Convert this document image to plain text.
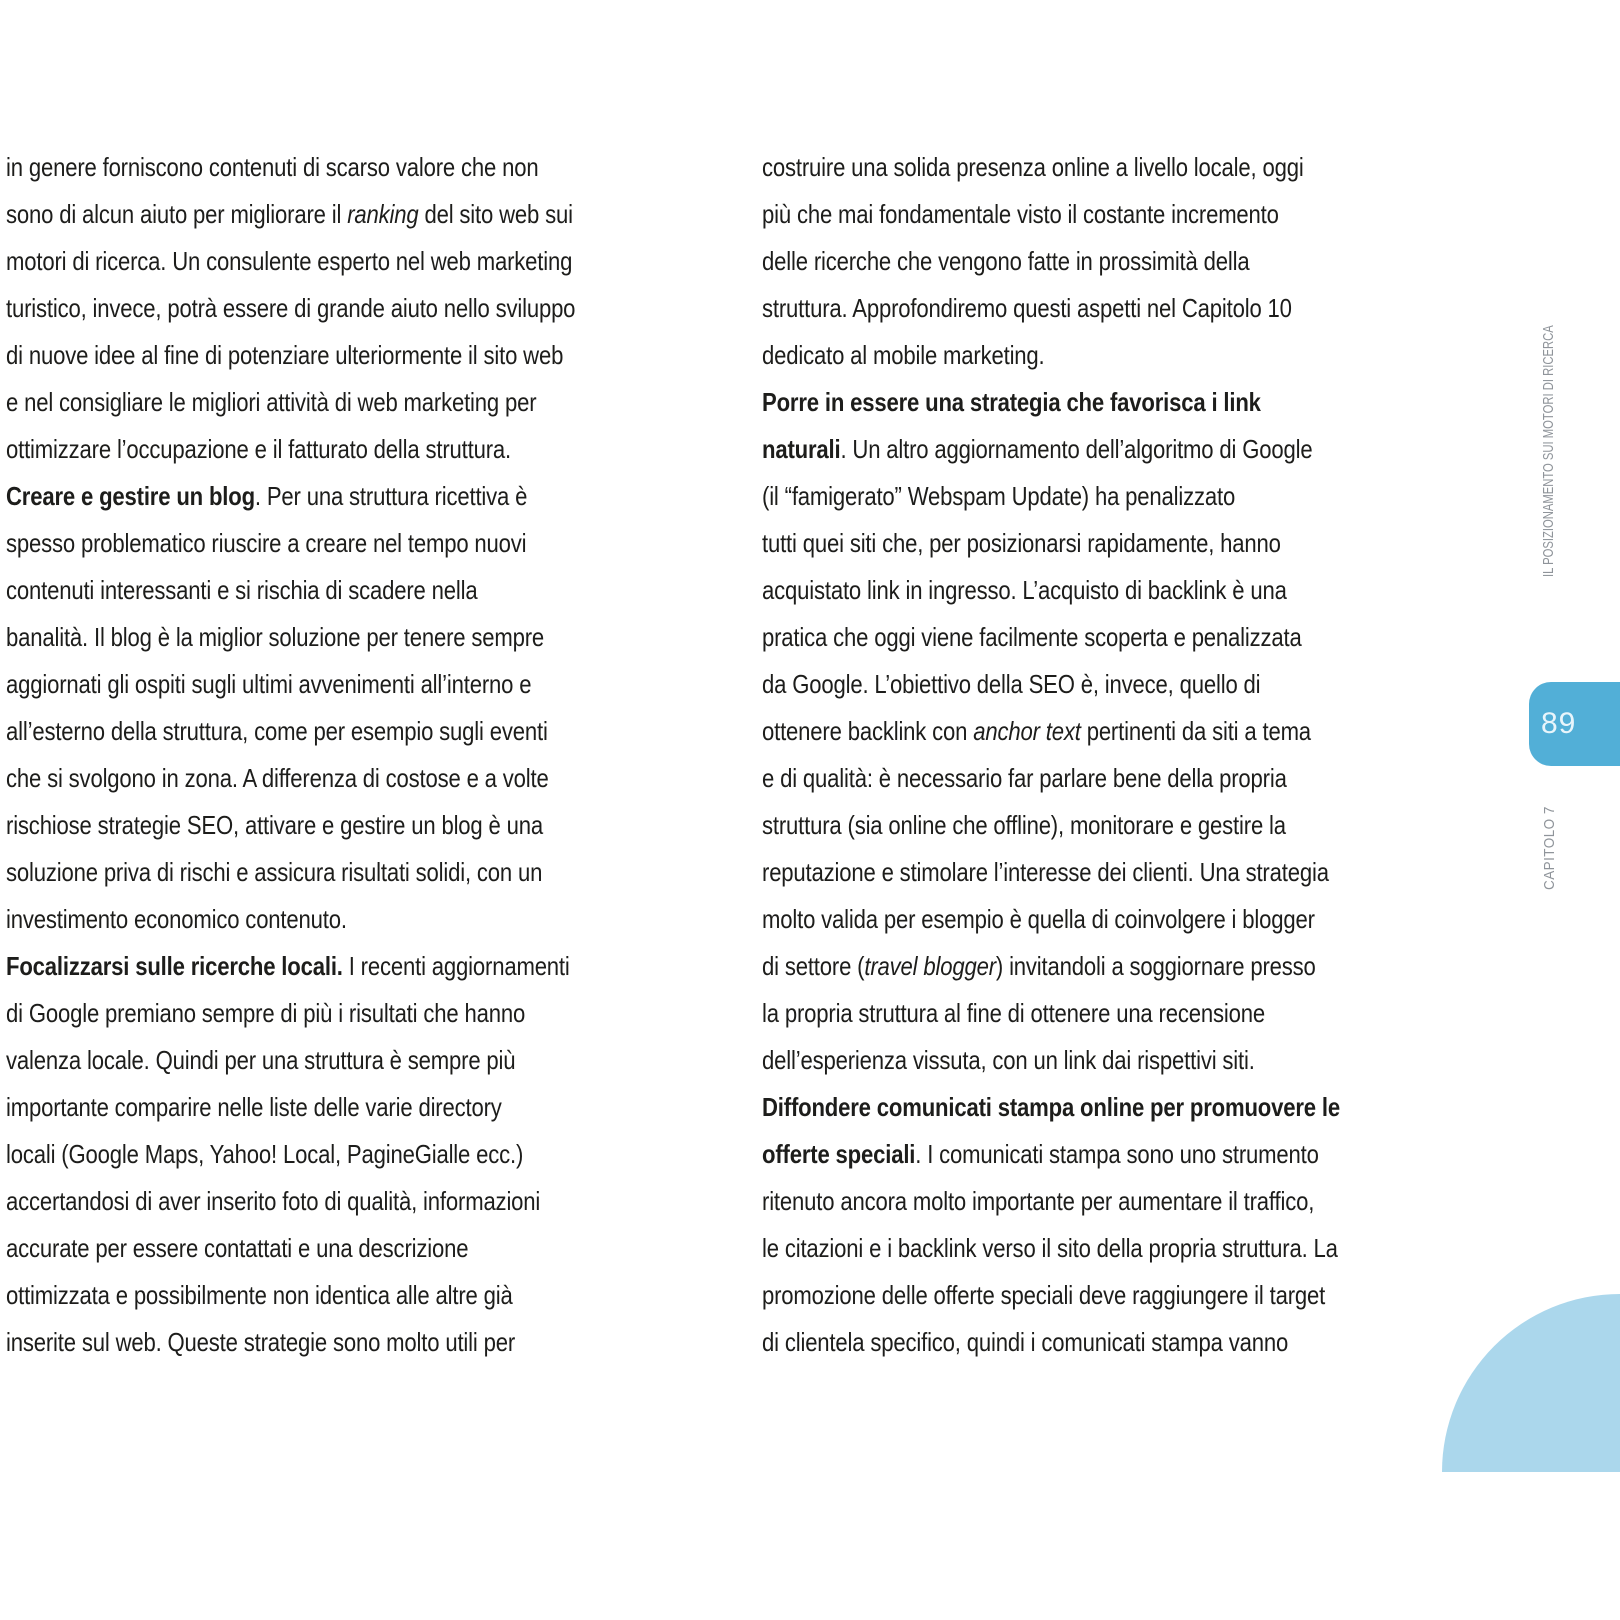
in genere forniscono contenuti di scarso valore che non
sono di alcun aiuto per migliorare il ranking del sito web sui
motori di ricerca. Un consulente esperto nel web marketing
turistico, invece, potrà essere di grande aiuto nello sviluppo
di nuove idee al fine di potenziare ulteriormente il sito web
e nel consigliare le migliori attività di web marketing per
ottimizzare l’occupazione e il fatturato della struttura.
Creare e gestire un blog. Per una struttura ricettiva è
spesso problematico riuscire a creare nel tempo nuovi
contenuti interessanti e si rischia di scadere nella
banalità. Il blog è la miglior soluzione per tenere sempre
aggiornati gli ospiti sugli ultimi avvenimenti all’interno e
all’esterno della struttura, come per esempio sugli eventi
che si svolgono in zona. A differenza di costose e a volte
rischiose strategie SEO, attivare e gestire un blog è una
soluzione priva di rischi e assicura risultati solidi, con un
investimento economico contenuto.
Focalizzarsi sulle ricerche locali. I recenti aggiornamenti
di Google premiano sempre di più i risultati che hanno
valenza locale. Quindi per una struttura è sempre più
importante comparire nelle liste delle varie directory
locali (Google Maps, Yahoo! Local, PagineGialle ecc.)
accertandosi di aver inserito foto di qualità, informazioni
accurate per essere contattati e una descrizione
ottimizzata e possibilmente non identica alle altre già
inserite sul web. Queste strategie sono molto utili per
costruire una solida presenza online a livello locale, oggi
più che mai fondamentale visto il costante incremento
delle ricerche che vengono fatte in prossimità della
struttura. Approfondiremo questi aspetti nel Capitolo 10
dedicato al mobile marketing.
Porre in essere una strategia che favorisca i link
naturali. Un altro aggiornamento dell’algoritmo di Google
(il “famigerato” Webspam Update) ha penalizzato
tutti quei siti che, per posizionarsi rapidamente, hanno
acquistato link in ingresso. L’acquisto di backlink è una
pratica che oggi viene facilmente scoperta e penalizzata
da Google. L’obiettivo della SEO è, invece, quello di
ottenere backlink con anchor text pertinenti da siti a tema
e di qualità: è necessario far parlare bene della propria
struttura (sia online che offline), monitorare e gestire la
reputazione e stimolare l’interesse dei clienti. Una strategia
molto valida per esempio è quella di coinvolgere i blogger
di settore (travel blogger) invitandoli a soggiornare presso
la propria struttura al fine di ottenere una recensione
dell’esperienza vissuta, con un link dai rispettivi siti.
Diffondere comunicati stampa online per promuovere le
offerte speciali. I comunicati stampa sono uno strumento
ritenuto ancora molto importante per aumentare il traffico,
le citazioni e i backlink verso il sito della propria struttura. La
promozione delle offerte speciali deve raggiungere il target
di clientela specifico, quindi i comunicati stampa vanno
IL POSIZIONAMENTO SUI MOTORI DI RICERCA
89
CAPITOLO 7
